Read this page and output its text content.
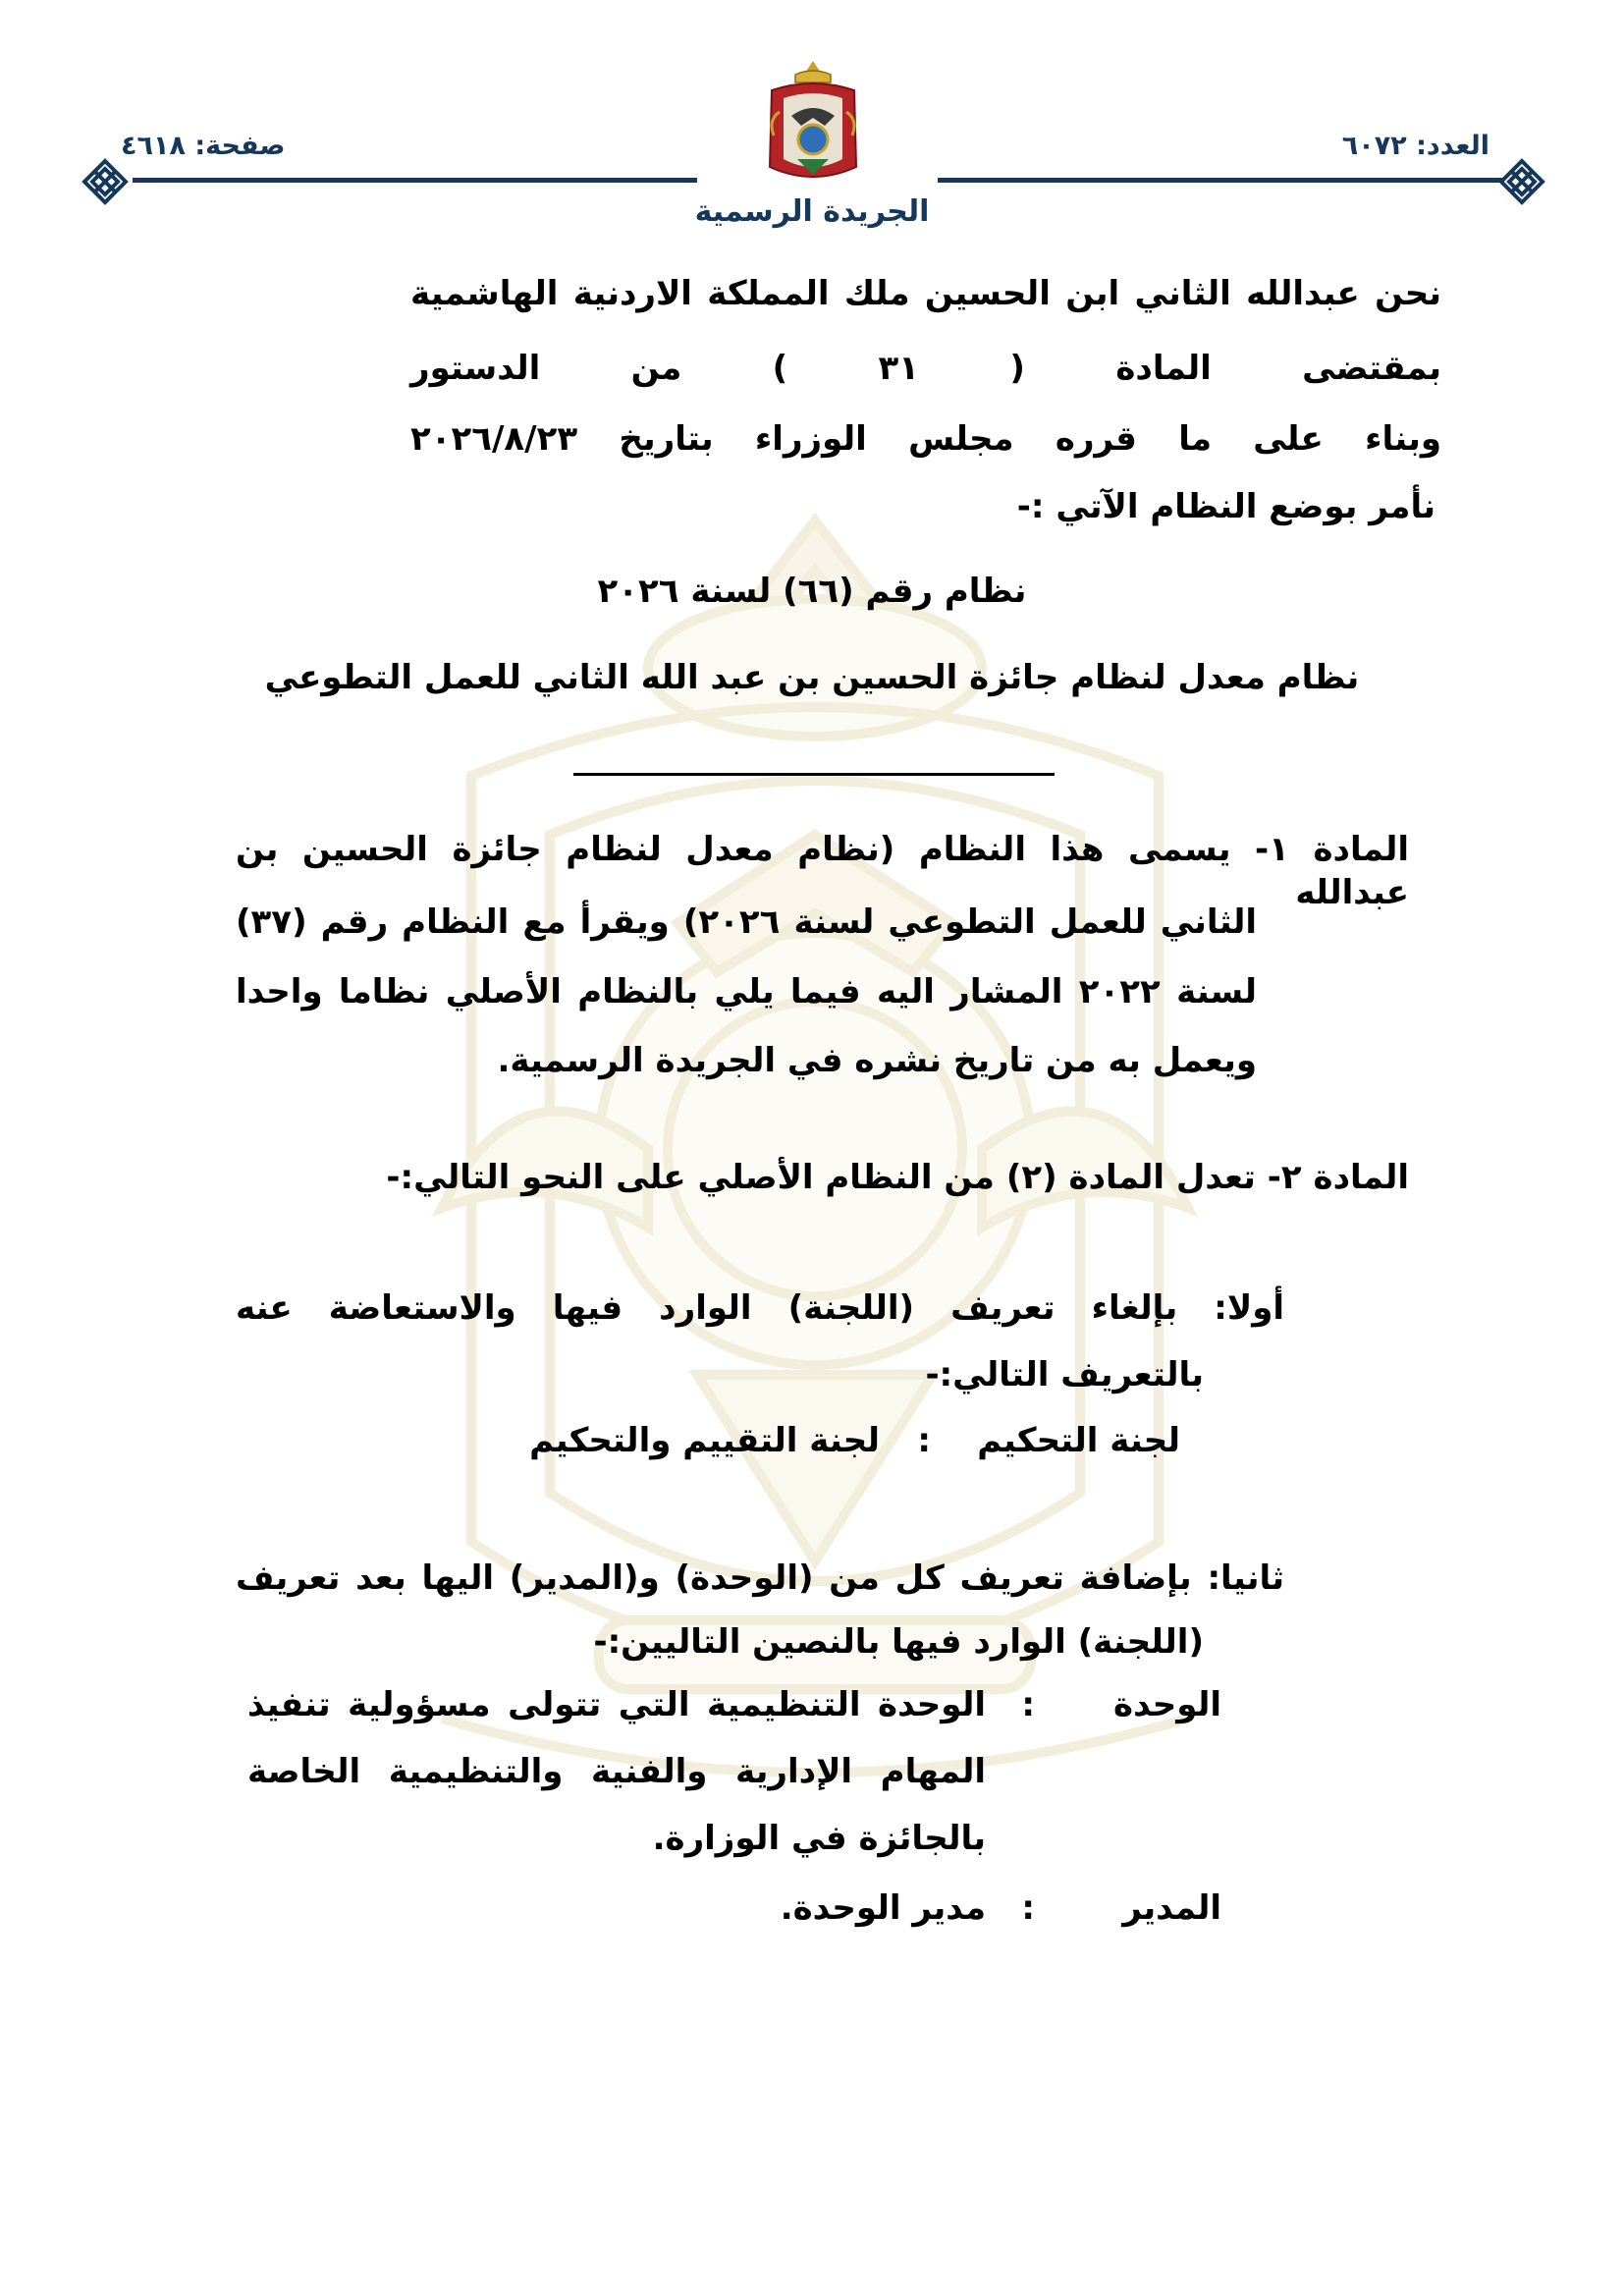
العدد: ٦٠٧٢
صفحة: ٤٦١٨
الجريدة الرسمية
نحن عبدالله الثاني ابن الحسين ملك المملكة الاردنية الهاشمية
بمقتضى المادة ( ٣١ ) من الدستور
وبناء على ما قرره مجلس الوزراء بتاريخ ٢٠٢٦/٨/٢٣
نأمر بوضع النظام الآتي :-
نظام رقم (٦٦) لسنة ٢٠٢٦
نظام معدل لنظام جائزة الحسين بن عبد الله الثاني للعمل التطوعي
المادة ١- يسمى هذا النظام (نظام معدل لنظام جائزة الحسين بن عبدالله
الثاني للعمل التطوعي لسنة ٢٠٢٦) ويقرأ مع النظام رقم (٣٧)
لسنة ٢٠٢٢ المشار اليه فيما يلي بالنظام الأصلي نظاما واحدا
ويعمل به من تاريخ نشره في الجريدة الرسمية.
المادة ٢- تعدل المادة (٢) من النظام الأصلي على النحو التالي:-
أولا: بإلغاء تعريف (اللجنة) الوارد فيها والاستعاضة عنه
بالتعريف التالي:-
لجنة التحكيم
:
لجنة التقييم والتحكيم
ثانيا: بإضافة تعريف كل من (الوحدة) و(المدير) اليها بعد تعريف
(اللجنة) الوارد فيها بالنصين التاليين:-
الوحدة
:
الوحدة التنظيمية التي تتولى مسؤولية تنفيذ
المهام الإدارية والفنية والتنظيمية الخاصة
بالجائزة في الوزارة.
المدير
:
مدير الوحدة.
